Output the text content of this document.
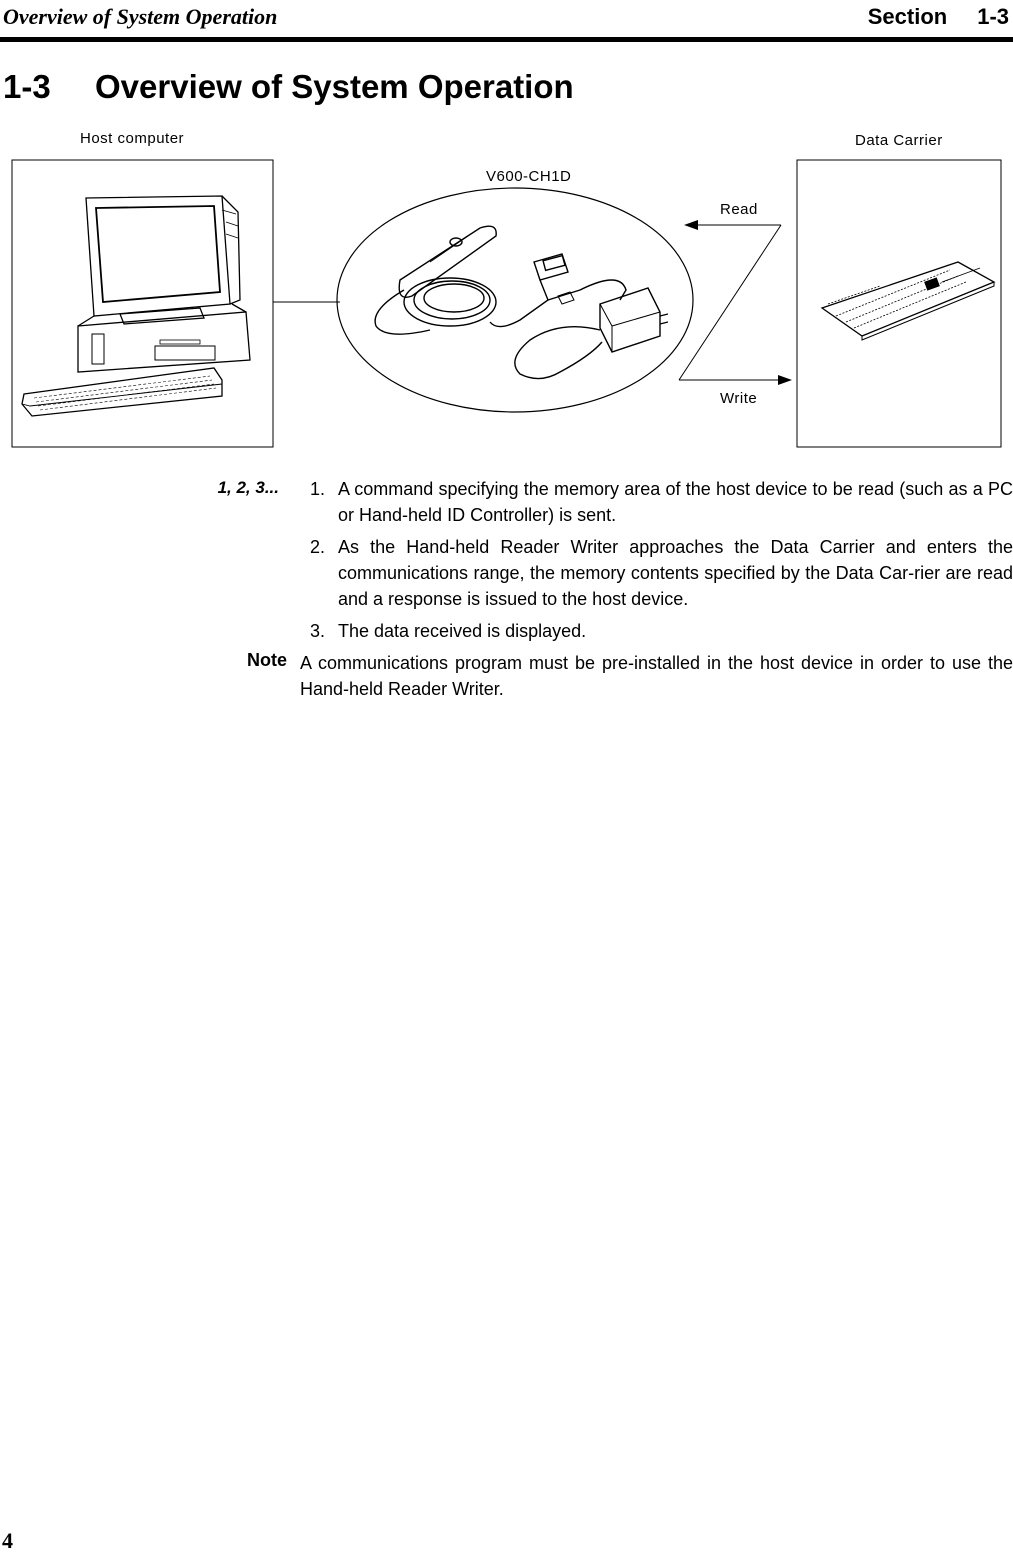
Overview of System Operation	Section 1-3
1-3 Overview of System Operation
Host computer	Data Carrier
V600-CH1D
Read
Write
1, 2, 3... 1. A command specifying the memory area of the host device to be read (such as a PC or Hand-held ID Controller) is sent.
2. As the Hand-held Reader Writer approaches the Data Carrier and enters the communications range, the memory contents specified by the Data Car-rier are read and a response is issued to the host device.
3. The data received is displayed.
Note A communications program must be pre-installed in the host device in order to use the Hand-held Reader Writer.
4
